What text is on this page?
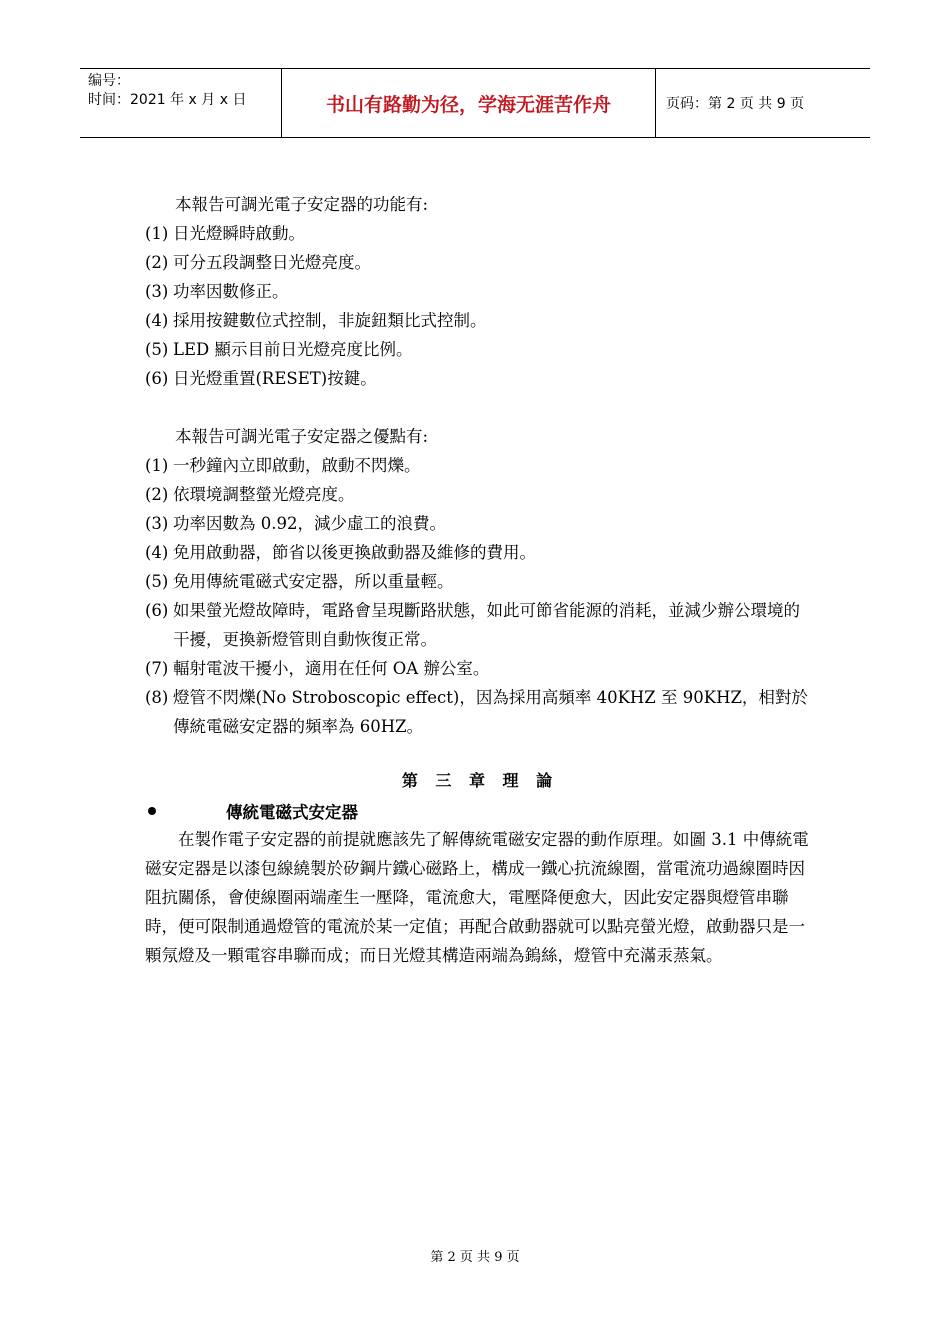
编号：
时间：2021 年 x 月 x 日	书山有路勤为径，学海无涯苦作舟	页码：第 2 页 共 9 页
本報告可調光電子安定器的功能有:
(1) 日光燈瞬時啟動。
(2) 可分五段調整日光燈亮度。
(3) 功率因數修正。
(4) 採用按鍵數位式控制，非旋鈕類比式控制。
(5) LED 顯示目前日光燈亮度比例。
(6) 日光燈重置(RESET)按鍵。
本報告可調光電子安定器之優點有:
(1) 一秒鐘內立即啟動，啟動不閃爍。
(2) 依環境調整螢光燈亮度。
(3) 功率因數為 0.92，減少虛工的浪費。
(4) 免用啟動器，節省以後更換啟動器及維修的費用。
(5) 免用傳統電磁式安定器，所以重量輕。
(6) 如果螢光燈故障時，電路會呈現斷路狀態，如此可節省能源的消耗，並減少辦公環境的干擾，更換新燈管則自動恢復正常。
(7) 輻射電波干擾小，適用在任何 OA 辦公室。
(8) 燈管不閃爍(No Stroboscopic effect)，因為採用高頻率 40KHZ 至 90KHZ，相對於傳統電磁安定器的頻率為 60HZ。
第 三 章 理 論
傳統電磁式安定器
在製作電子安定器的前提就應該先了解傳統電磁安定器的動作原理。如圖 3.1 中傳統電磁安定器是以漆包線繞製於矽鋼片鐵心磁路上，構成一鐵心抗流線圈，當電流功過線圈時因阻抗關係，會使線圈兩端產生一壓降，電流愈大，電壓降便愈大，因此安定器與燈管串聯時，便可限制通過燈管的電流於某一定值；再配合啟動器就可以點亮螢光燈，啟動器只是一顆氖燈及一顆電容串聯而成；而日光燈其構造兩端為鎢絲，燈管中充滿汞蒸氣。
第 2 页 共 9 页
